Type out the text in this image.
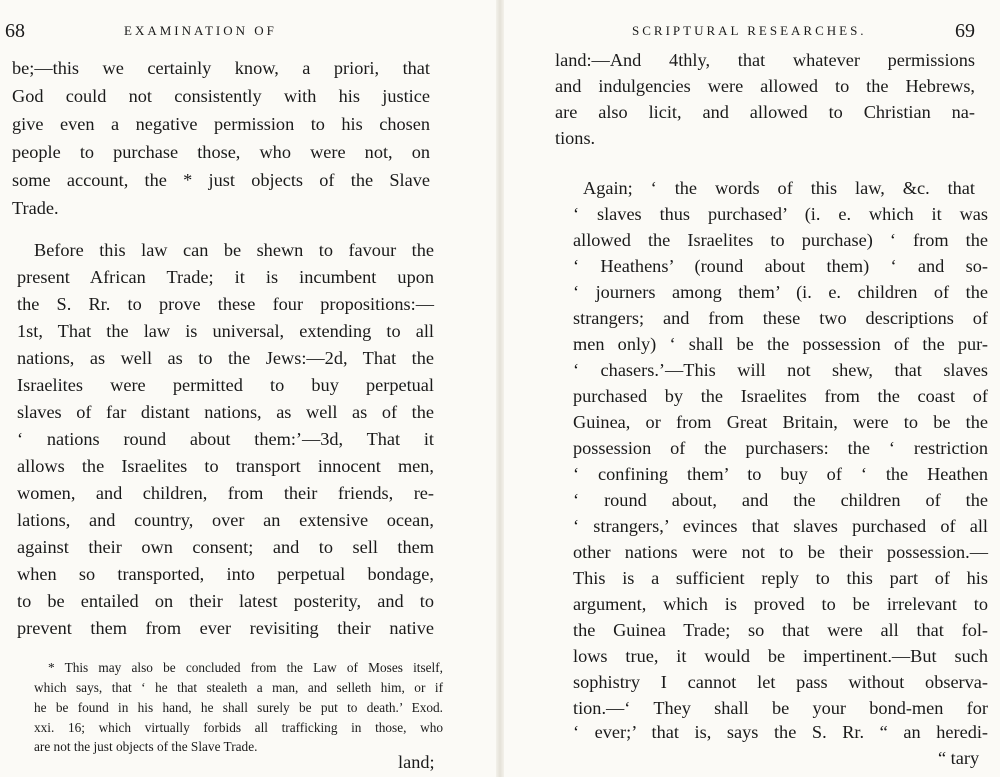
68	EXAMINATION OF
be;—this we certainly know, a priori, that
God could not consistently with his justice
give even a negative permission to his chosen
people to purchase those, who were not, on
some account, the * just objects of the Slave
Trade.
Before this law can be shewn to favour the
present African Trade; it is incumbent upon
the S. Rr. to prove these four propositions:—
1st, That the law is universal, extending to all
nations, as well as to the Jews:—2d, That the
Israelites were permitted to buy perpetual
slaves of far distant nations, as well as of the
‘ nations round about them:’—3d, That it
allows the Israelites to transport innocent men,
women, and children, from their friends, re-
lations, and country, over an extensive ocean,
against their own consent; and to sell them
when so transported, into perpetual bondage,
to be entailed on their latest posterity, and to
prevent them from ever revisiting their native
* This may also be concluded from the Law of Moses itself,
which says, that ‘ he that stealeth a man, and selleth him, or if
he be found in his hand, he shall surely be put to death.’ Exod.
xxi. 16; which virtually forbids all trafficking in those, who
are not the just objects of the Slave Trade.
land;
SCRIPTURAL RESEARCHES.	69
land:—And 4thly, that whatever permissions
and indulgencies were allowed to the Hebrews,
are also licit, and allowed to Christian na-
tions.
Again; ‘ the words of this law, &c. that
‘ slaves thus purchased’ (i. e. which it was
allowed the Israelites to purchase) ‘ from the
‘ Heathens’ (round about them) ‘ and so-
‘ journers among them’ (i. e. children of the
strangers; and from these two descriptions of
men only) ‘ shall be the possession of the pur-
‘ chasers.’—This will not shew, that slaves
purchased by the Israelites from the coast of
Guinea, or from Great Britain, were to be the
possession of the purchasers: the ‘ restriction
‘ confining them’ to buy of ‘ the Heathen
‘ round about, and the children of the
‘ strangers,’ evinces that slaves purchased of all
other nations were not to be their possession.—
This is a sufficient reply to this part of his
argument, which is proved to be irrelevant to
the Guinea Trade; so that were all that fol-
lows true, it would be impertinent.—But such
sophistry I cannot let pass without observa-
tion.—‘ They shall be your bond-men for
‘ ever;’ that is, says the S. Rr. “ an heredi-
“ tary
